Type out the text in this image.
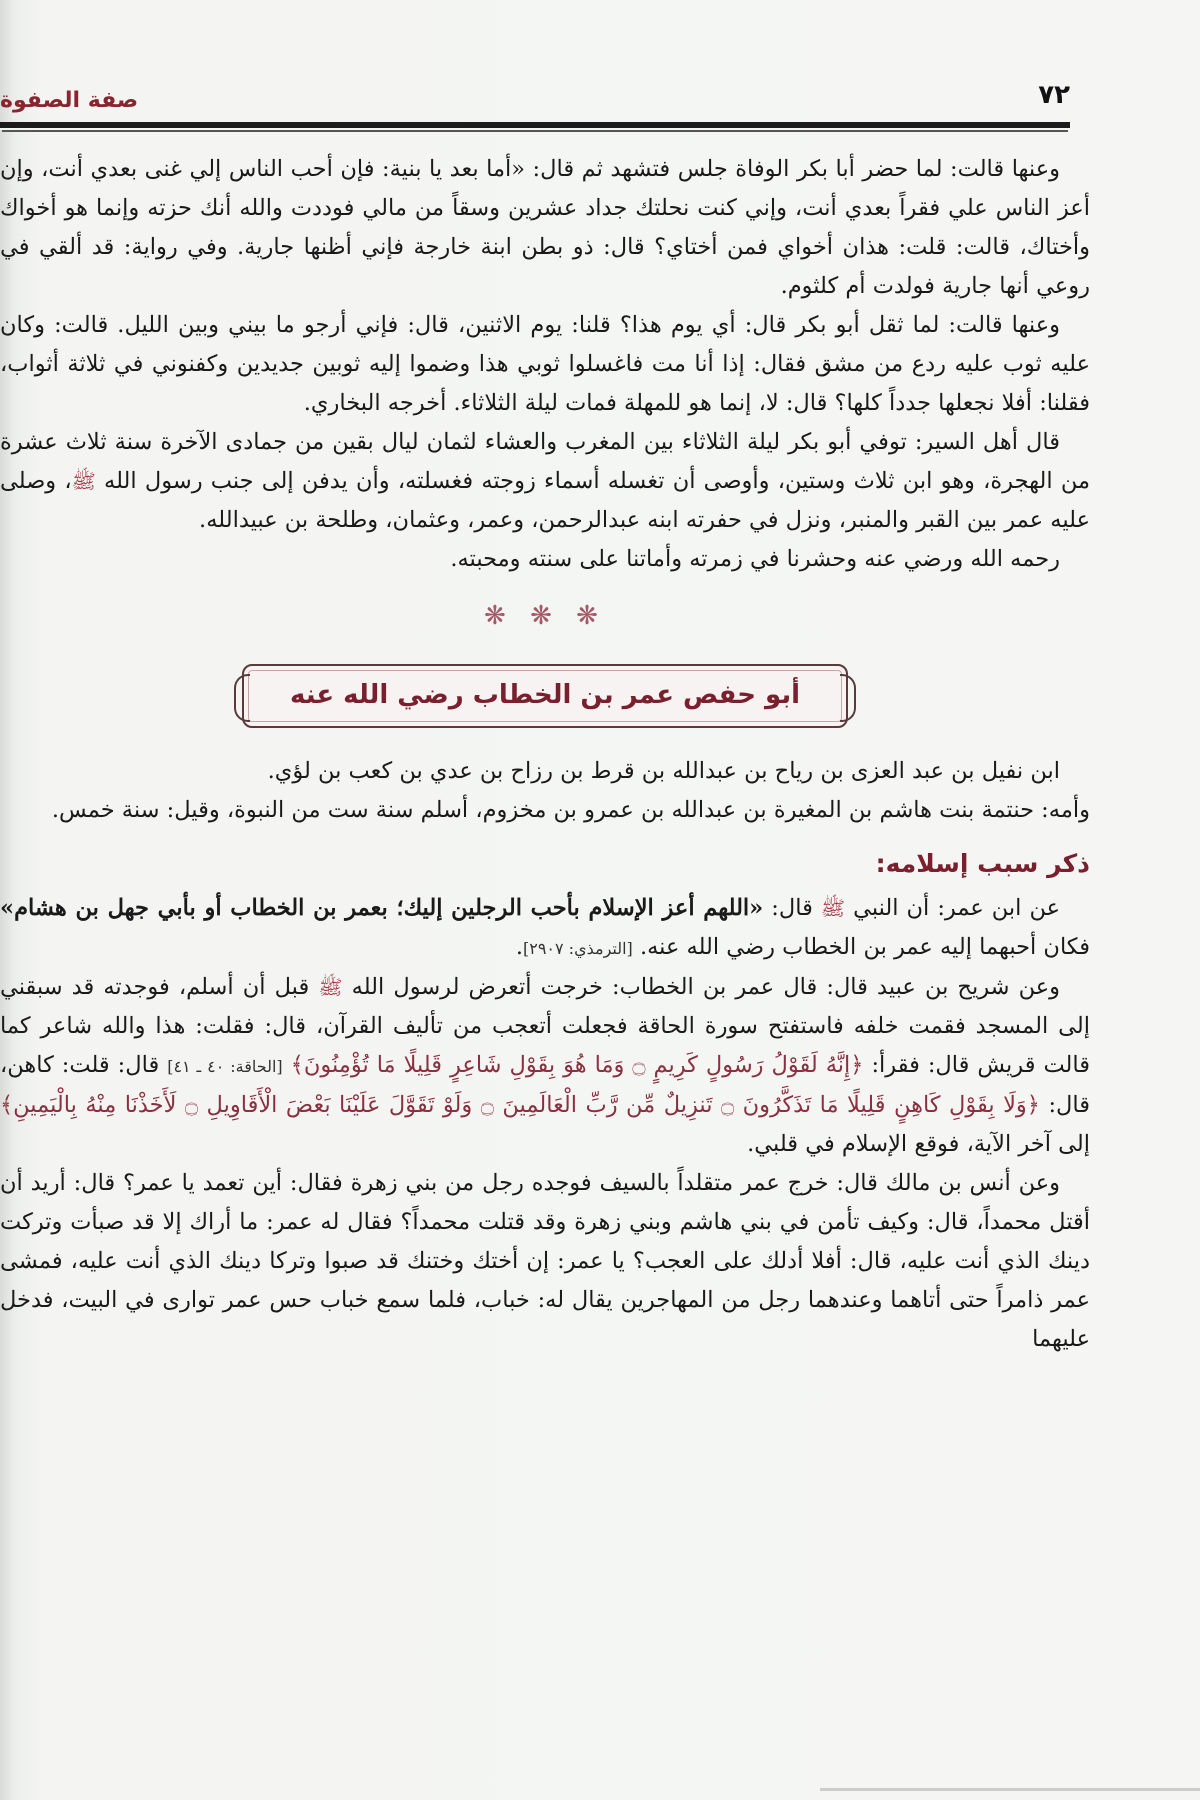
صفة الصفوة	٧٢

وعنها قالت: لما حضر أبا بكر الوفاة جلس فتشهد ثم قال: «أما بعد يا بنية: فإن أحب الناس إلي غنى بعدي أنت، وإن أعز الناس علي فقراً بعدي أنت، وإني كنت نحلتك جداد عشرين وسقاً من مالي فوددت والله أنك حزته وإنما هو أخواك وأختاك، قالت: قلت: هذان أخواي فمن أختاي؟ قال: ذو بطن ابنة خارجة فإني أظنها جارية. وفي رواية: قد ألقي في روعي أنها جارية فولدت أم كلثوم.

وعنها قالت: لما ثقل أبو بكر قال: أي يوم هذا؟ قلنا: يوم الاثنين، قال: فإني أرجو ما بيني وبين الليل. قالت: وكان عليه ثوب عليه ردع من مشق فقال: إذا أنا مت فاغسلوا ثوبي هذا وضموا إليه ثوبين جديدين وكفنوني في ثلاثة أثواب، فقلنا: أفلا نجعلها جدداً كلها؟ قال: لا، إنما هو للمهلة فمات ليلة الثلاثاء. أخرجه البخاري.

قال أهل السير: توفي أبو بكر ليلة الثلاثاء بين المغرب والعشاء لثمان ليال بقين من جمادى الآخرة سنة ثلاث عشرة من الهجرة، وهو ابن ثلاث وستين، وأوصى أن تغسله أسماء زوجته فغسلته، وأن يدفن إلى جنب رسول الله ﷺ، وصلى عليه عمر بين القبر والمنبر، ونزل في حفرته ابنه عبدالرحمن، وعمر، وعثمان، وطلحة بن عبيدالله.

رحمه الله ورضي عنه وحشرنا في زمرته وأماتنا على سنته ومحبته.

❋ ❋ ❋
أبو حفص عمر بن الخطاب رضي الله عنه

ابن نفيل بن عبد العزى بن رياح بن عبدالله بن قرط بن رزاح بن عدي بن كعب بن لؤي.

وأمه: حنتمة بنت هاشم بن المغيرة بن عبدالله بن عمرو بن مخزوم، أسلم سنة ست من النبوة، وقيل: سنة خمس.

ذكر سبب إسلامه:

عن ابن عمر: أن النبي ﷺ قال: «اللهم أعز الإسلام بأحب الرجلين إليك؛ بعمر بن الخطاب أو بأبي جهل بن هشام» فكان أحبهما إليه عمر بن الخطاب رضي الله عنه. [الترمذي: ٢٩٠٧].

وعن شريح بن عبيد قال: قال عمر بن الخطاب: خرجت أتعرض لرسول الله ﷺ قبل أن أسلم، فوجدته قد سبقني إلى المسجد فقمت خلفه فاستفتح سورة الحاقة فجعلت أتعجب من تأليف القرآن، قال: فقلت: هذا والله شاعر كما قالت قريش قال: فقرأ: ﴿إِنَّهُ لَقَوْلُ رَسُولٍ كَرِيمٍ ۝ وَمَا هُوَ بِقَوْلِ شَاعِرٍ قَلِيلًا مَا تُؤْمِنُونَ﴾ [الحاقة: ٤٠ ـ ٤١] قال: قلت: كاهن، قال: ﴿وَلَا بِقَوْلِ كَاهِنٍ قَلِيلًا مَا تَذَكَّرُونَ ۝ تَنزِيلٌ مِّن رَّبِّ الْعَالَمِينَ ۝ وَلَوْ تَقَوَّلَ عَلَيْنَا بَعْضَ الْأَقَاوِيلِ ۝ لَأَخَذْنَا مِنْهُ بِالْيَمِينِ﴾ إلى آخر الآية، فوقع الإسلام في قلبي.

وعن أنس بن مالك قال: خرج عمر متقلداً بالسيف فوجده رجل من بني زهرة فقال: أين تعمد يا عمر؟ قال: أريد أن أقتل محمداً، قال: وكيف تأمن في بني هاشم وبني زهرة وقد قتلت محمداً؟ فقال له عمر: ما أراك إلا قد صبأت وتركت دينك الذي أنت عليه، قال: أفلا أدلك على العجب؟ يا عمر: إن أختك وختنك قد صبوا وتركا دينك الذي أنت عليه، فمشى عمر ذامراً حتى أتاهما وعندهما رجل من المهاجرين يقال له: خباب، فلما سمع خباب حس عمر توارى في البيت، فدخل عليهما
